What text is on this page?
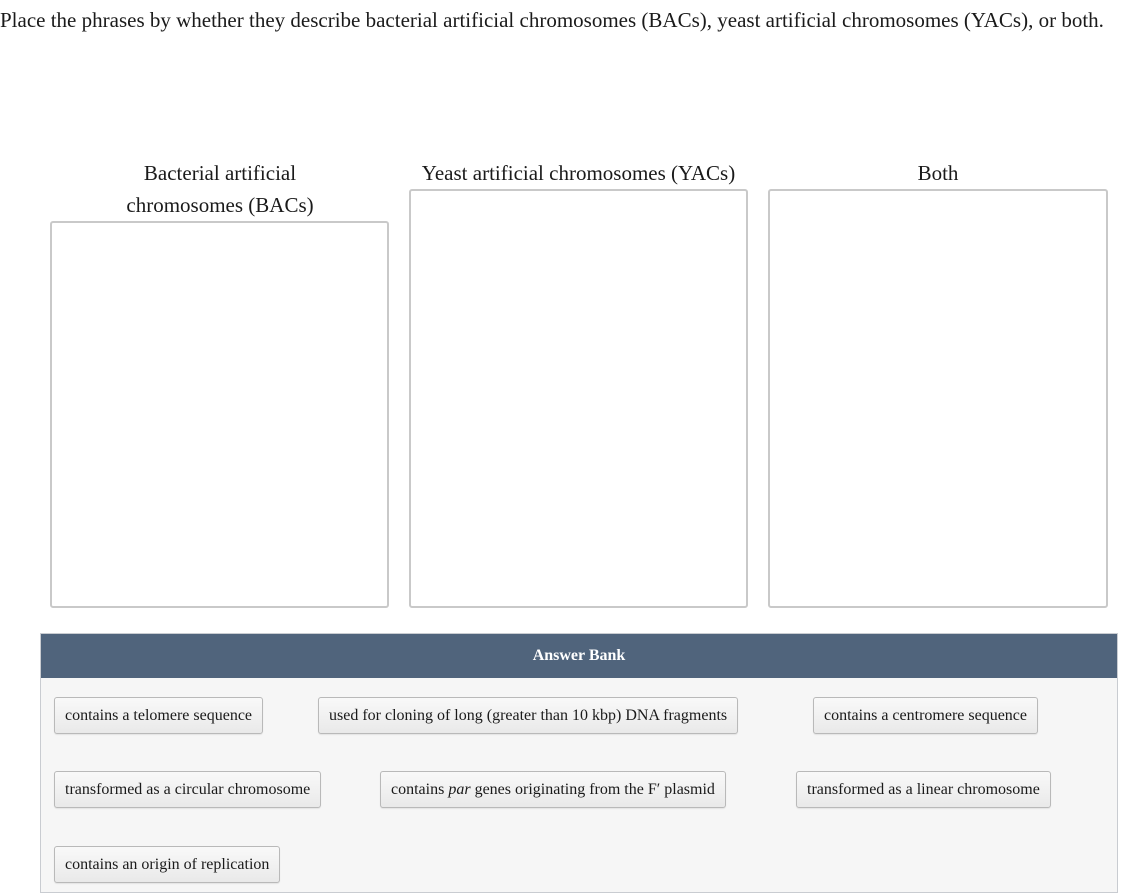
Place the phrases by whether they describe bacterial artificial chromosomes (BACs), yeast artificial chromosomes (YACs), or both.

Bacterial artificial chromosomes (BACs)
Yeast artificial chromosomes (YACs)	Both
Answer Bank
contains a telomere sequence	used for cloning of long (greater than 10 kbp) DNA fragments	contains a centromere sequence
transformed as a circular chromosome	contains par genes originating from the F′ plasmid	transformed as a linear chromosome
contains an origin of replication
